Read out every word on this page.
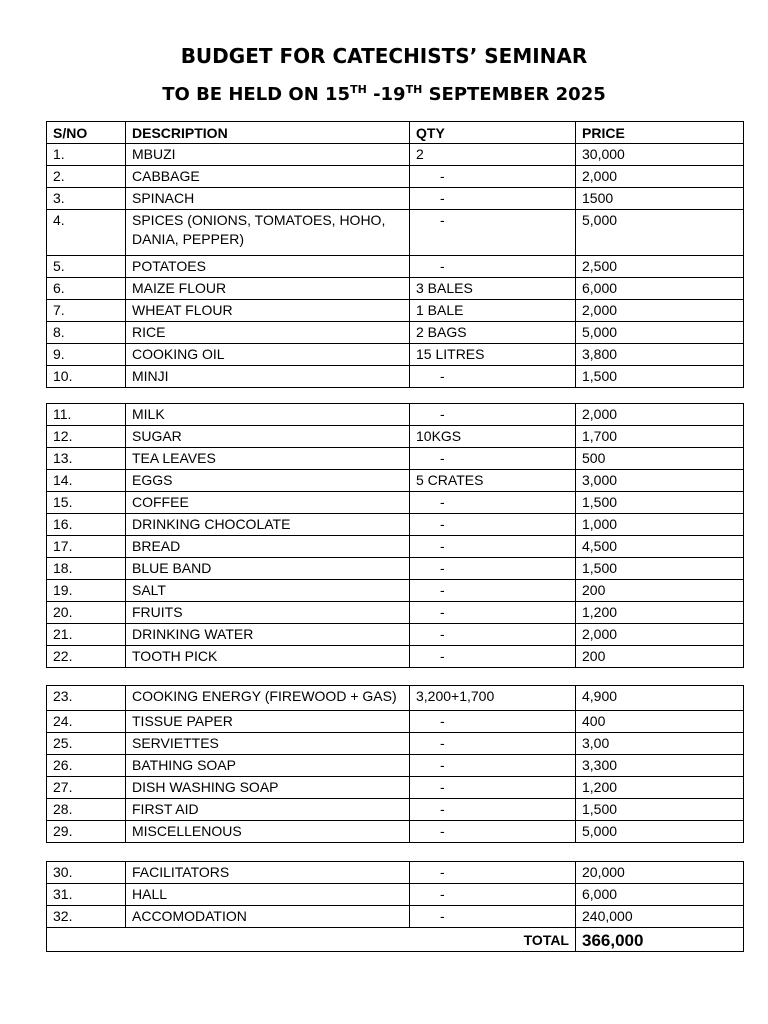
BUDGET FOR CATECHISTS’ SEMINAR
TO BE HELD ON 15TH -19TH SEPTEMBER 2025
S/NO	DESCRIPTION	QTY	PRICE
1.	MBUZI	2	30,000
2.	CABBAGE	-	2,000
3.	SPINACH	-	1500
4.	SPICES (ONIONS, TOMATOES, HOHO, DANIA, PEPPER)	-	5,000
5.	POTATOES	-	2,500
6.	MAIZE FLOUR	3 BALES	6,000
7.	WHEAT FLOUR	1 BALE	2,000
8.	RICE	2 BAGS	5,000
9.	COOKING OIL	15 LITRES	3,800
10.	MINJI	-	1,500
11.	MILK	-	2,000
12.	SUGAR	10KGS	1,700
13.	TEA LEAVES	-	500
14.	EGGS	5 CRATES	3,000
15.	COFFEE	-	1,500
16.	DRINKING CHOCOLATE	-	1,000
17.	BREAD	-	4,500
18.	BLUE BAND	-	1,500
19.	SALT	-	200
20.	FRUITS	-	1,200
21.	DRINKING WATER	-	2,000
22.	TOOTH PICK	-	200
23.	COOKING ENERGY (FIREWOOD + GAS)	3,200+1,700	4,900
24.	TISSUE PAPER	-	400
25.	SERVIETTES	-	3,00
26.	BATHING SOAP	-	3,300
27.	DISH WASHING SOAP	-	1,200
28.	FIRST AID	-	1,500
29.	MISCELLENOUS	-	5,000
30.	FACILITATORS	-	20,000
31.	HALL	-	6,000
32.	ACCOMODATION	-	240,000
TOTAL			366,000
